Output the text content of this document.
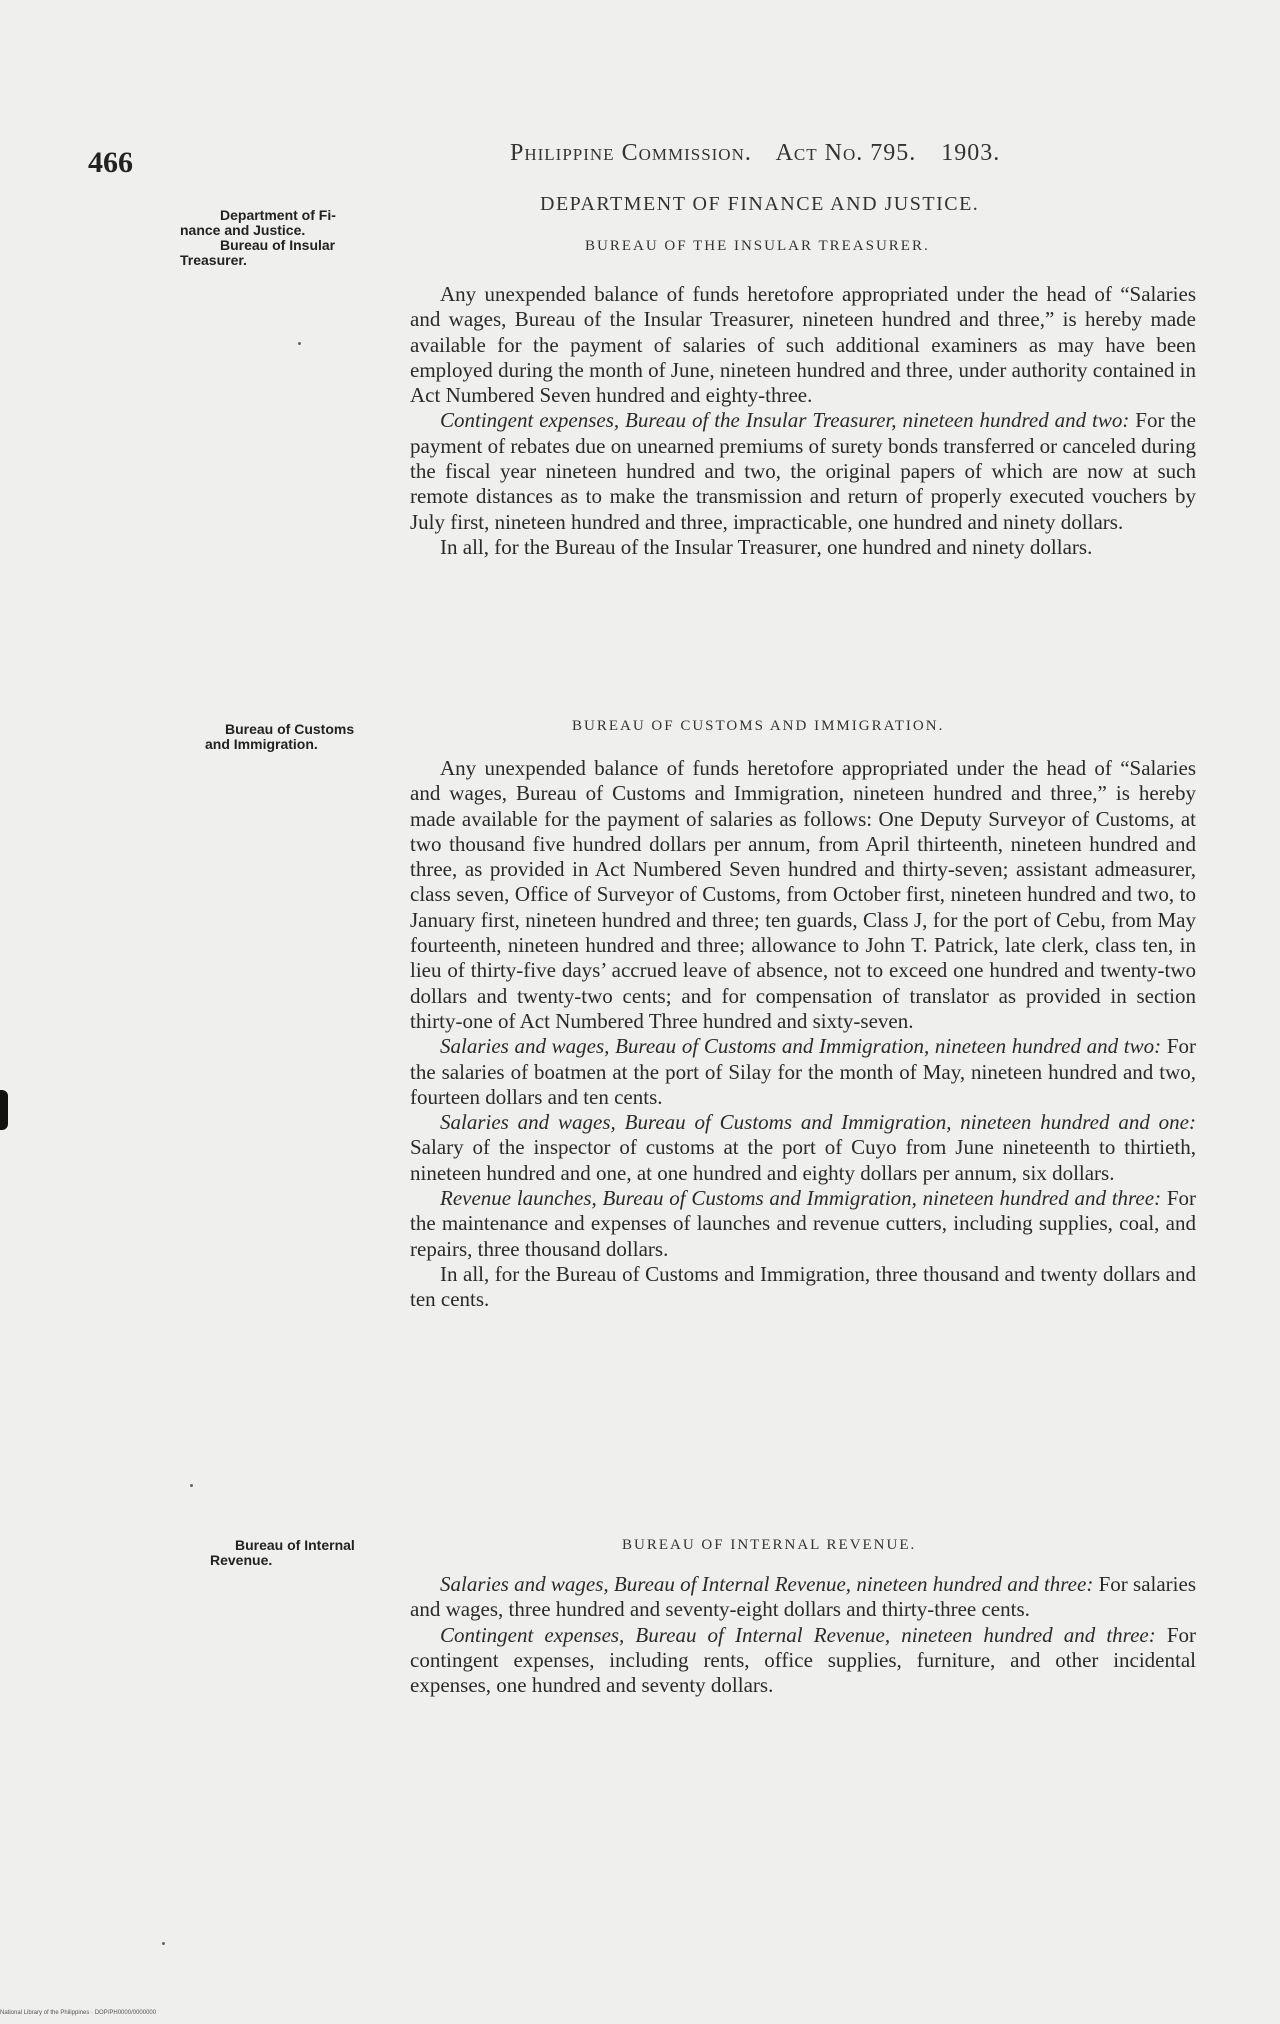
466	Philippine Commission. Act No. 795. 1903.
Department of Fi-
nance and Justice.
Bureau of Insular
Treasurer.
Bureau of Customs
and Immigration.
Bureau of Internal
Revenue.
DEPARTMENT OF FINANCE AND JUSTICE.
BUREAU OF THE INSULAR TREASURER.

Any unexpended balance of funds heretofore appropriated under the head of “Salaries and wages, Bureau of the Insular Treasurer, nineteen hundred and three,” is hereby made available for the payment of salaries of such additional examiners as may have been employed during the month of June, nineteen hundred and three, under authority contained in Act Numbered Seven hundred and eighty-three.

Contingent expenses, Bureau of the Insular Treasurer, nineteen hundred and two: For the payment of rebates due on unearned premiums of surety bonds transferred or canceled during the fiscal year nineteen hundred and two, the original papers of which are now at such remote distances as to make the transmission and return of properly executed vouchers by July first, nineteen hundred and three, impracticable, one hundred and ninety dollars.

In all, for the Bureau of the Insular Treasurer, one hundred and ninety dollars.

BUREAU OF CUSTOMS AND IMMIGRATION.

Any unexpended balance of funds heretofore appropriated under the head of “Salaries and wages, Bureau of Customs and Immigration, nineteen hundred and three,” is hereby made available for the payment of salaries as follows: One Deputy Surveyor of Customs, at two thousand five hundred dollars per annum, from April thirteenth, nineteen hundred and three, as provided in Act Numbered Seven hundred and thirty-seven; assistant admeasurer, class seven, Office of Surveyor of Customs, from October first, nineteen hundred and two, to January first, nineteen hundred and three; ten guards, Class J, for the port of Cebu, from May fourteenth, nineteen hundred and three; allowance to John T. Patrick, late clerk, class ten, in lieu of thirty-five days’ accrued leave of absence, not to exceed one hundred and twenty-two dollars and twenty-two cents; and for compensation of translator as provided in section thirty-one of Act Numbered Three hundred and sixty-seven.

Salaries and wages, Bureau of Customs and Immigration, nineteen hundred and two: For the salaries of boatmen at the port of Silay for the month of May, nineteen hundred and two, fourteen dollars and ten cents.

Salaries and wages, Bureau of Customs and Immigration, nineteen hundred and one: Salary of the inspector of customs at the port of Cuyo from June nineteenth to thirtieth, nineteen hundred and one, at one hundred and eighty dollars per annum, six dollars.

Revenue launches, Bureau of Customs and Immigration, nineteen hundred and three: For the maintenance and expenses of launches and revenue cutters, including supplies, coal, and repairs, three thousand dollars.

In all, for the Bureau of Customs and Immigration, three thousand and twenty dollars and ten cents.

BUREAU OF INTERNAL REVENUE.

Salaries and wages, Bureau of Internal Revenue, nineteen hundred and three: For salaries and wages, three hundred and seventy-eight dollars and thirty-three cents.

Contingent expenses, Bureau of Internal Revenue, nineteen hundred and three: For contingent expenses, including rents, office supplies, furniture, and other incidental expenses, one hundred and seventy dollars.

National Library of the Philippines · DOP/PH0000/0000000
